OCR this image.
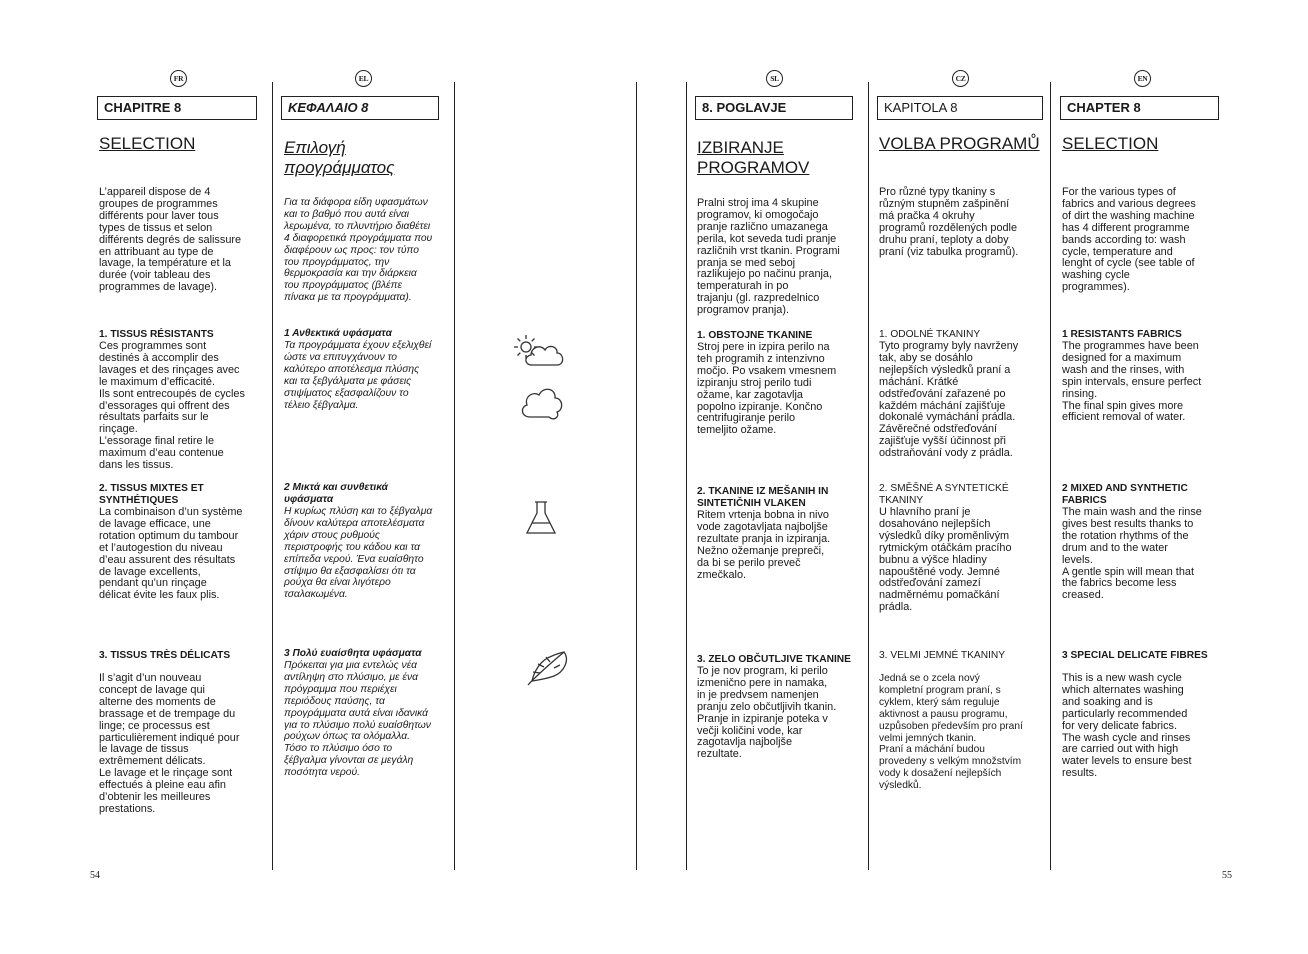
FR
CHAPITRE 8
SELECTION

L’appareil dispose de 4
groupes de programmes
différents pour laver tous
types de tissus et selon
différents degrés de salissure
en attribuant au type de
lavage, la température et la
durée (voir tableau des
programmes de lavage).

1. TISSUS RÉSISTANTS

Ces programmes sont
destinés à accomplir des
lavages et des rinçages avec
le maximum d’efficacité.
Ils sont entrecoupés de cycles
d’essorages qui offrent des
résultats parfaits sur le
rinçage.
L’essorage final retire le
maximum d’eau contenue
dans les tissus.

2. TISSUS MIXTES ET
SYNTHÉTIQUES

La combinaison d’un système
de lavage efficace, une
rotation optimum du tambour
et l’autogestion du niveau
d’eau assurent des résultats
de lavage excellents,
pendant qu’un rinçage
délicat évite les faux plis.

3. TISSUS TRÈS DÉLICATS

Il s’agit d’un nouveau
concept de lavage qui
alterne des moments de
brassage et de trempage du
linge; ce processus est
particulièrement indiqué pour
le lavage de tissus
extrêmement délicats.
Le lavage et le rinçage sont
effectués à pleine eau afin
d’obtenir les meilleures
prestations.

EL
ΚΕΦΑΛΑΙΟ 8
Επιλογή
προγράμματος

Για τα διάφορα είδη υφασμάτων
και το βαθμό που αυτά είναι
λερωμένα, το πλυντήριο διαθέτει
4 διαφορετικά προγράμματα που
διαφέρουν ως προς: τον τύπο
του προγράμματος, την
θερμοκρασία και την διάρκεια
του προγράμματος (βλέπε
πίνακα με τα προγράμματα).

1 Ανθεκτικά υφάσματα

Τα προγράμματα έχουν εξελιχθεί
ώστε να επιτυγχάνουν το
καλύτερο αποτέλεσμα πλύσης
και τα ξεβγάλματα με φάσεις
στιψίματος εξασφαλίζουν το
τέλειο ξέβγαλμα.

2 Μικτά και συνθετικά
υφάσματα

Η κυρίως πλύση και το ξέβγαλμα
δίνουν καλύτερα αποτελέσματα
χάριν στους ρυθμούς
περιστροφής του κάδου και τα
επίπεδα νερού. Ένα ευαίσθητο
στίψιμο θα εξασφαλίσει ότι τα
ρούχα θα είναι λιγότερο
τσαλακωμένα.

3 Πολύ ευαίσθητα υφάσματα

Πρόκειται για μια εντελώς νέα
αντίληψη στο πλύσιμο, με ένα
πρόγραμμα που περιέχει
περιόδους παύσης, τα
προγράμματα αυτά είναι ιδανικά
για το πλύσιμο πολύ ευαίσθητων
ρούχων όπως τα ολόμαλλα.
Τόσο το πλύσιμο όσο το
ξέβγαλμα γίνονται σε μεγάλη
ποσότητα νερού.

SL
8. POGLAVJE
IZBIRANJE
PROGRAMOV

Pralni stroj ima 4 skupine
programov, ki omogočajo
pranje različno umazanega
perila, kot seveda tudi pranje
različnih vrst tkanin. Programi
pranja se med seboj
razlikujejo po načinu pranja,
temperaturah in po
trajanju (gl. razpredelnico
programov pranja).

1. OBSTOJNE TKANINE

Stroj pere in izpira perilo na
teh programih z intenzivno
močjo. Po vsakem vmesnem
izpiranju stroj perilo tudi
ožame, kar zagotavlja
popolno izpiranje. Končno
centrifugiranje perilo
temeljito ožame.

2. TKANINE IZ MEŠANIH IN
SINTETIČNIH VLAKEN

Ritem vrtenja bobna in nivo
vode zagotavljata najboljše
rezultate pranja in izpiranja.
Nežno ožemanje prepreči,
da bi se perilo preveč
zmečkalo.

3. ZELO OBČUTLJIVE TKANINE

To je nov program, ki perilo
izmenično pere in namaka,
in je predvsem namenjen
pranju zelo občutljivih tkanin.
Pranje in izpiranje poteka v
večji količini vode, kar
zagotavlja najboljše
rezultate.

CZ
KAPITOLA 8
VOLBA PROGRAMŮ

Pro různé typy tkaniny s
různým stupněm zašpinění
má pračka 4 okruhy
programů rozdělených podle
druhu praní, teploty a doby
praní (viz tabulka programů).

1. ODOLNÉ TKANINY

Tyto programy byly navrženy
tak, aby se dosáhlo
nejlepších výsledků praní a
máchání. Krátké
odstřeďování zařazené po
každém máchání zajišťuje
dokonalé vymáchání prádla.
Závěrečné odstřeďování
zajišťuje vyšší účinnost při
odstraňování vody z prádla.

2. SMĚŠNÉ A SYNTETICKÉ
TKANINY

U hlavního praní je
dosahováno nejlepších
výsledků díky proměnlivým
rytmickým otáčkám pracího
bubnu a výšce hladiny
napouštěné vody. Jemné
odstřeďování zamezí
nadměrnému pomačkání
prádla.

3. VELMI JEMNÉ TKANINY

Jedná se o zcela nový
kompletní program praní, s
cyklem, který sám reguluje
aktivnost a pausu programu,
uzpůsoben především pro praní
velmi jemných tkanin.
Praní a máchání budou
provedeny s velkým množstvím
vody k dosažení nejlepších
výsledků.

EN
CHAPTER 8
SELECTION

For the various types of
fabrics and various degrees
of dirt the washing machine
has 4 different programme
bands according to: wash
cycle, temperature and
lenght of cycle (see table of
washing cycle
programmes).

1 RESISTANTS FABRICS

The programmes have been
designed for a maximum
wash and the rinses, with
spin intervals, ensure perfect
rinsing.
The final spin gives more
efficient removal of water.

2 MIXED AND SYNTHETIC
FABRICS

The main wash and the rinse
gives best results thanks to
the rotation rhythms of the
drum and to the water
levels.
A gentle spin will mean that
the fabrics become less
creased.

3 SPECIAL DELICATE FIBRES

This is a new wash cycle
which alternates washing
and soaking and is
particularly recommended
for very delicate fabrics.
The wash cycle and rinses
are carried out with high
water levels to ensure best
results.

54	55
